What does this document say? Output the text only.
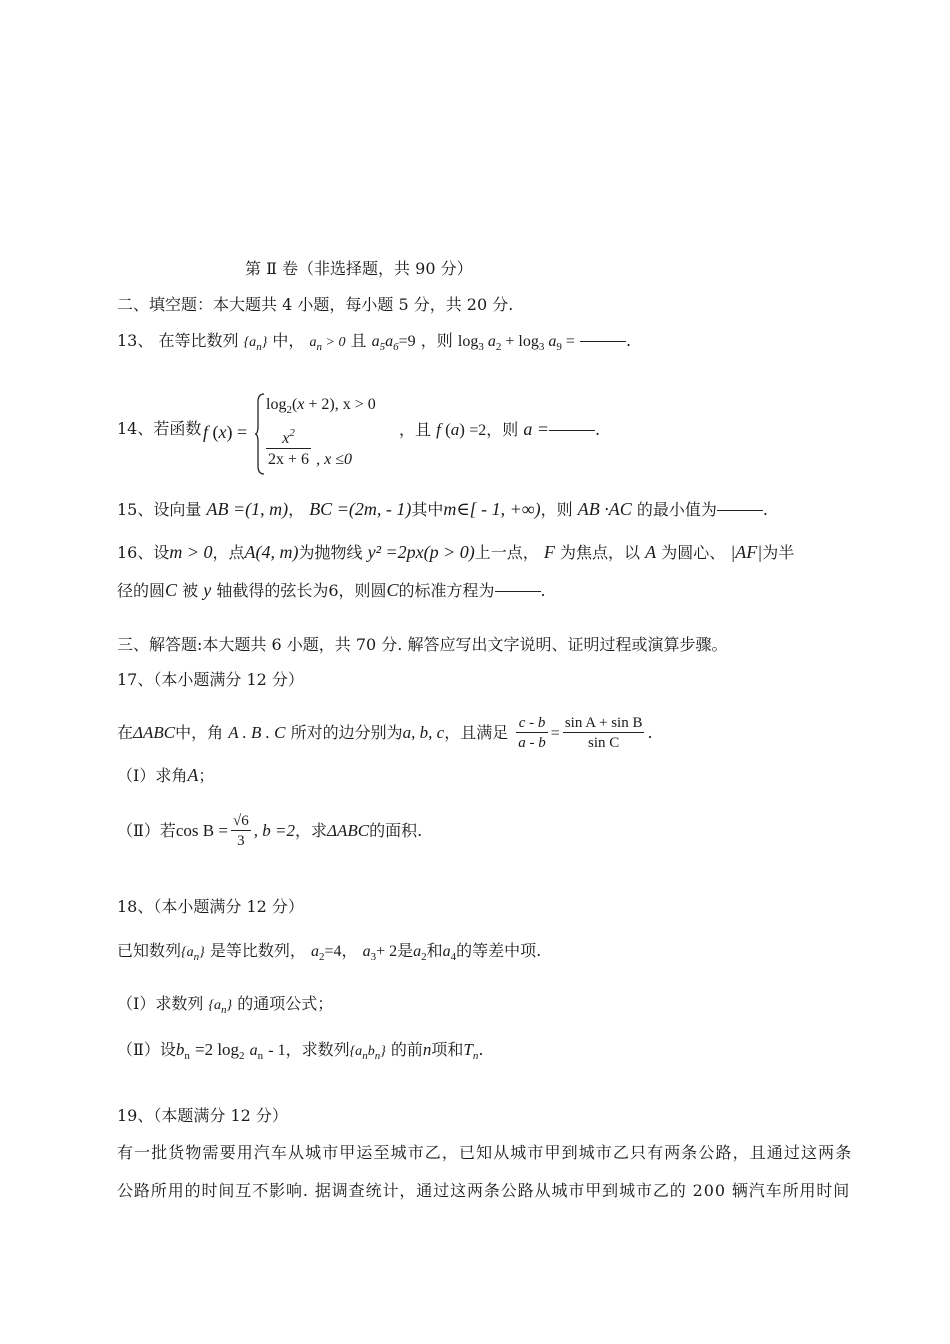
第 Ⅱ 卷（非选择题，共 90 分）
二、填空题：本大题共 4 小题，每小题 5 分，共 20 分.
13、 在等比数列 $\{a_n\}$ 中， $a_n > 0$ 且 $a_5a_6=9$ ，则 $\log_3 a_2 + \log_3 a_9$ =	.
14、若函数 f (x) =
$\log_2(x + 2)$, x > 0
$\frac{x^2}{2x + 6}$ , x ≤0
，且 f (a) =2，则 a =	.
15、设向量 AB =(1, m)， BC =(2m, - 1)其中m∈[ - 1, +∞)，则 AB ·AC 的最小值为	.
16、设m > 0，点A(4, m)为抛物线 y² =2px(p > 0)上一点， F 为焦点，以 A 为圆心、 |AF|为半
径的圆C 被 y 轴截得的弦长为6，则圆C的标准方程为	.
三、解答题:本大题共 6 小题，共 70 分. 解答应写出文字说明、证明过程或演算步骤。
17、（本小题满分 12 分）
在ΔABC中，角 A . B . C 所对的边分别为a, b, c，且满足 $\frac{c - b}{a - b} = \frac{\text{sin A + sin B}}{\text{sin C}}$ .
（Ⅰ）求角A；
（Ⅱ）若$\cos B = \frac{√6}{3}$ , b =2，求ΔABC的面积.
18、（本小题满分 12 分）
已知数列$\{a_n\}$ 是等比数列， $a_2=4$， $a_3+ 2$是$a_2$和$a_4$的等差中项.
（Ⅰ）求数列 $\{a_n\}$ 的通项公式；
（Ⅱ）设$b_n =2$ $\log_2 a_n - 1$，求数列$\{a_nb_n\}$ 的前n项和$T_n$.
19、（本题满分 12 分）
有一批货物需要用汽车从城市甲运至城市乙，已知从城市甲到城市乙只有两条公路，且通过这两条
公路所用的时间互不影响. 据调查统计，通过这两条公路从城市甲到城市乙的 200 辆汽车所用时间
